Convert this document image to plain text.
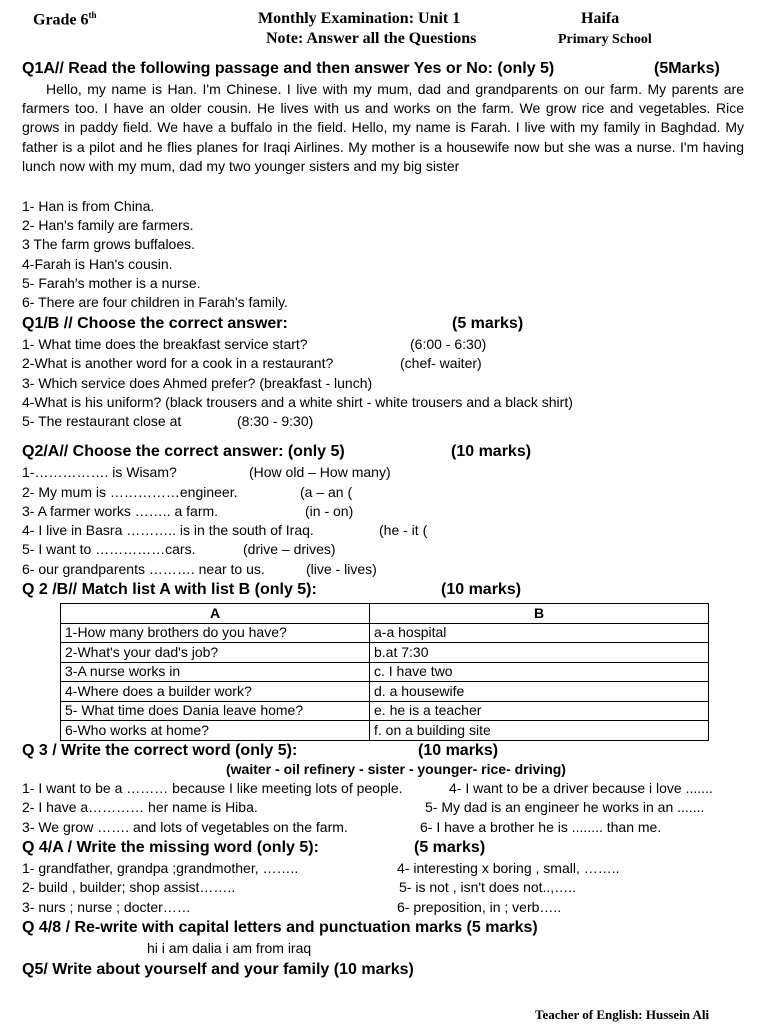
Grade 6th	Monthly Examination: Unit 1
Note: Answer all the Questions
Haifa
Primary School
Q1A// Read the following passage and then answer Yes or No: (only 5)	(5Marks)
Hello, my name is Han. I'm Chinese. I live with my mum, dad and grandparents on our farm. My parents are farmers too. I have an older cousin. He lives with us and works on the farm. We grow rice and vegetables. Rice grows in paddy field. We have a buffalo in the field. Hello, my name is Farah. I live with my family in Baghdad. My father is a pilot and he flies planes for Iraqi Airlines. My mother is a housewife now but she was a nurse. I'm having lunch now with my mum, dad my two younger sisters and my big sister
1- Han is from China.
2- Han's family are farmers.
3 The farm grows buffaloes.
4-Farah is Han's cousin.
5- Farah's mother is a nurse.
6- There are four children in Farah's family.
Q1/B // Choose the correct answer:	(5 marks)
1- What time does the breakfast service start?	(6:00 - 6:30)
2-What is another word for a cook in a restaurant?	(chef- waiter)
3- Which service does Ahmed prefer? (breakfast - lunch)
4-What is his uniform? (black trousers and a white shirt - white trousers and a black shirt)
5- The restaurant close at	(8:30 - 9:30)
Q2/A// Choose the correct answer: (only 5)	(10 marks)
1-……………. is Wisam?	(How old – How many)
2- My mum is ……………engineer.	(a – an (
3- A farmer works …….. a farm.	(in - on)
4- I live in Basra ……….. is in the south of Iraq.	(he - it (
5- I want to ……………cars.	(drive – drives)
6- our grandparents ………. near to us.	(live - lives)
Q 2 /B// Match list A with list B (only 5):	(10 marks)
A	B
1-How many brothers do you have?	a-a hospital
2-What's your dad's job?	b.at 7:30
3-A nurse works in	c. I have two
4-Where does a builder work?	d. a housewife
5- What time does Dania leave home?	e. he is a teacher
6-Who works at home?	f. on a building site
Q 3 / Write the correct word (only 5):	(10 marks)
(waiter - oil refinery - sister - younger- rice- driving)
1- I want to be a ……… because I like meeting lots of people.	4- I want to be a driver because i love .......
2- I have a………… her name is Hiba.	5- My dad is an engineer he works in an .......
3- We grow ……. and lots of vegetables on the farm.	6- I have a brother he is ........ than me.
Q 4/A / Write the missing word (only 5):	(5 marks)
1- grandfather, grandpa ;grandmother, ……..	4- interesting x boring , small, ……..
2- build , builder; shop assist……..	5- is not , isn't does not..,…..
3- nurs ; nurse ; docter……	6- preposition, in ; verb…..
Q 4/8 / Re-write with capital letters and punctuation marks (5 marks)
hi i am dalia i am from iraq
Q5/ Write about yourself and your family (10 marks)
Teacher of English: Hussein Ali
